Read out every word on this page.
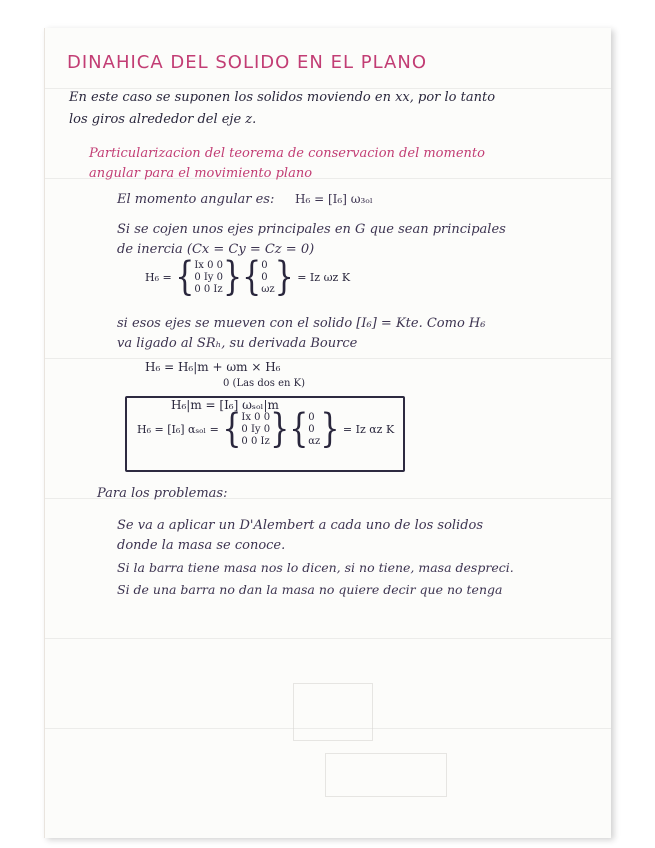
DINAHICA DEL SOLIDO EN EL PLANO
En este caso se suponen los solidos moviendo en xx, por lo tanto
los giros alrededor del eje z.
Particularizacion del teorema de conservacion del momento
angular para el movimiento plano
El momento angular es: H₆ = [I₆] ω₃ₒₗ
Si se cojen unos ejes principales en G que sean principales
de inercia (Cx = Cy = Cz = 0)
H₆ = { Ix 0 0
0 Iy 0
0 0 Iz } { 0
0
ωz } = Iz ωz K
si esos ejes se mueven con el solido [I₆] = Kte. Como H₆
va ligado al SRₕ, su derivada Bource
H₆ = H₆|m + ωm × H₆
0 (Las dos en K)
H₆|m = [I₆] ωₛₒₗ|m
H₆ = [I₆] αₛₒₗ = { Ix 0 0
0 Iy 0
0 0 Iz } { 0
0
αz } = Iz αz K
Para los problemas:
Se va a aplicar un D'Alembert a cada uno de los solidos
donde la masa se conoce.
Si la barra tiene masa nos lo dicen, si no tiene, masa despreci.
Si de una barra no dan la masa no quiere decir que no tenga
